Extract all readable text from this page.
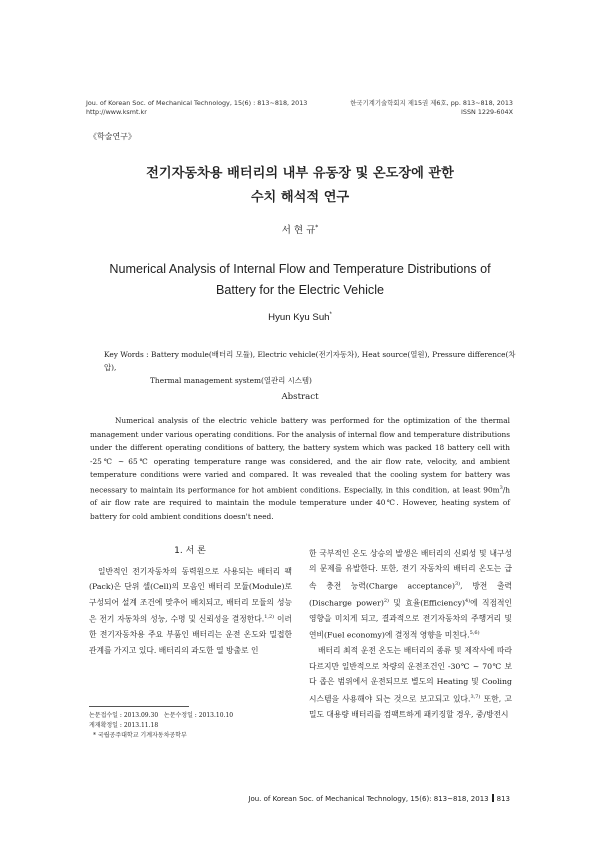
Jou. of Korean Soc. of Mechanical Technology, 15(6) : 813~818, 2013
http://www.ksmt.kr
한국기계기술학회지 제15권 제6호, pp. 813~818, 2013
ISSN 1229-604X
《학술연구》
전기자동차용 배터리의 내부 유동장 및 온도장에 관한
수치 해석적 연구
서 현 규*
Numerical Analysis of Internal Flow and Temperature Distributions of
Battery for the Electric Vehicle
Hyun Kyu Suh*
Key Words : Battery module(배터리 모듈), Electric vehicle(전기자동차), Heat source(열원), Pressure difference(차압),
Thermal management system(열관리 시스템)
Abstract
Numerical analysis of the electric vehicle battery was performed for the optimization of the thermal management under various operating conditions. For the analysis of internal flow and temperature distributions under the different operating conditions of battery, the battery system which was packed 18 battery cell with -25℃ ~ 65℃ operating temperature range was considered, and the air flow rate, velocity, and ambient temperature conditions were varied and compared. It was revealed that the cooling system for battery was necessary to maintain its performance for hot ambient conditions. Especially, in this condition, at least $90m^3/h$ of air flow rate are required to maintain the module temperature under 40℃. However, heating system of battery for cold ambient conditions doesn't need.
1. 서 론
일반적인 전기자동차의 동력원으로 사용되는 배터리 팩(Pack)은 단위 셀(Cell)의 모음인 배터리 모듈(Module)로 구성되어 설계 조건에 맞추어 배치되고, 배터리 모듈의 성능은 전기 자동차의 성능, 수명 및 신뢰성을 결정한다.$^{1,2)}$ 이러한 전기자동차용 주요 부품인 배터리는 운전 온도와 밀접한 관계를 가지고 있다. 배터리의 과도한 열 방출로 인
한 국부적인 온도 상승의 발생은 배터리의 신뢰성 및 내구성의 문제를 유발한다. 또한, 전기 자동차의 배터리 온도는 급속 충전 능력(Charge acceptance)$^{3)}$, 방전 출력(Discharge power)$^{2)}$ 및 효율(Efficiency)$^{4)}$에 직접적인 영향을 미치게 되고, 결과적으로 전기자동차의 주행거리 및 연비(Fuel economy)에 결정적 영향을 미친다.$^{5,6)}$
배터리 최적 운전 온도는 배터리의 종류 및 제작사에 따라 다르지만 일반적으로 차량의 운전조건인 -30℃ ~ 70℃ 보다 좁은 범위에서 운전되므로 별도의 Heating 및 Cooling 시스템을 사용해야 되는 것으로 보고되고 있다.$^{3,7)}$ 또한, 고밀도 대용량 배터리를 컴팩트하게 패키징할 경우, 중/방전시
논문접수일 : 2013.09.30 논문수정일 : 2013.10.10
게재확정일 : 2013.11.18
* 국립공주대학교 기계자동차공학부
Jou. of Korean Soc. of Mechanical Technology, 15(6): 813~818, 2013 813
